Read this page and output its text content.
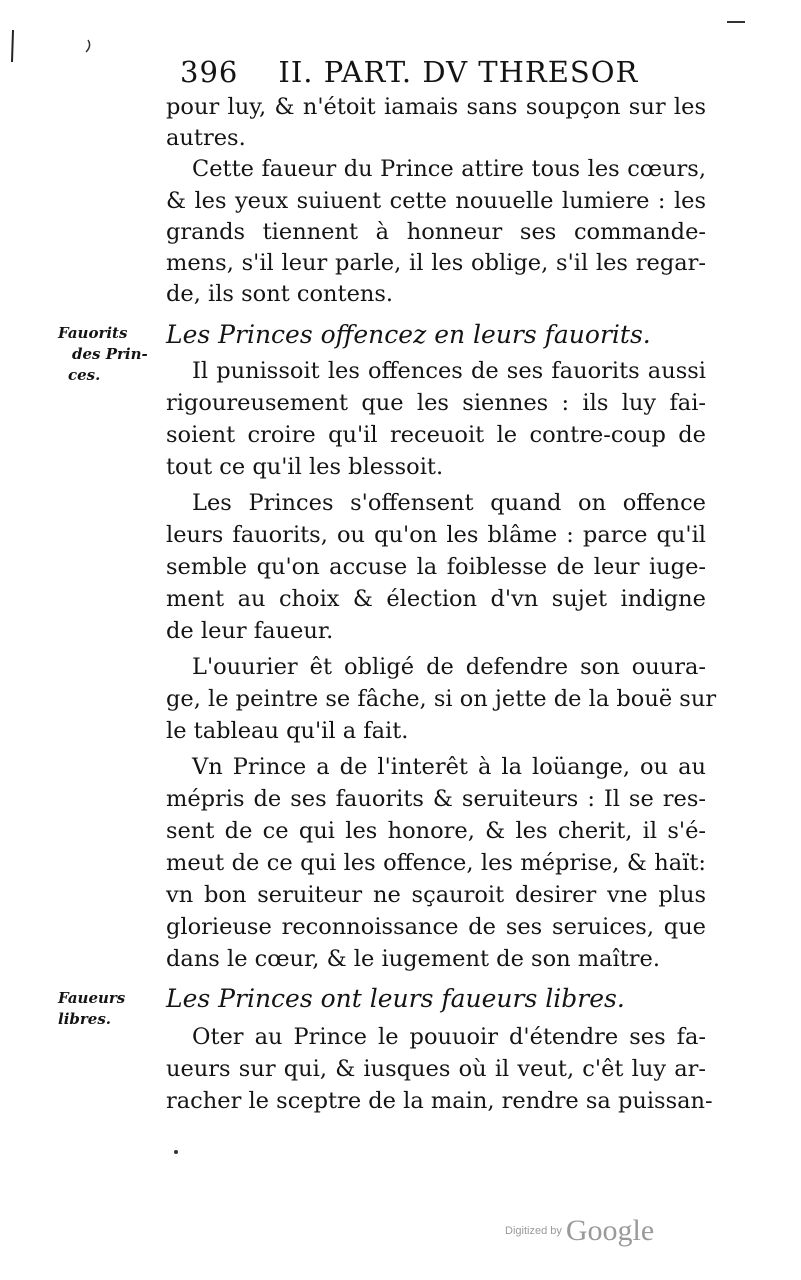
396 II. PART. DV THRESOR
pour luy, & n'étoit iamais sans soupçon sur les
autres.
Cette faueur du Prince attire tous les cœurs,
& les yeux suiuent cette nouuelle lumiere : les
grands tiennent à honneur ses commande-
mens, s'il leur parle, il les oblige, s'il les regar-
de, ils sont contens.
Les Princes offencez en leurs fauorits.
Il punissoit les offences de ses fauorits aussi
rigoureusement que les siennes : ils luy fai-
soient croire qu'il receuoit le contre-coup de
tout ce qu'il les blessoit.
Les Princes s'offensent quand on offence
leurs fauorits, ou qu'on les blâme : parce qu'il
semble qu'on accuse la foiblesse de leur iuge-
ment au choix & élection d'vn sujet indigne
de leur faueur.
L'ouurier êt obligé de defendre son ouura-
ge, le peintre se fâche, si on jette de la bouë sur
le tableau qu'il a fait.
Vn Prince a de l'interêt à la loüange, ou au
mépris de ses fauorits & seruiteurs : Il se res-
sent de ce qui les honore, & les cherit, il s'é-
meut de ce qui les offence, les méprise, & haït:
vn bon seruiteur ne sçauroit desirer vne plus
glorieuse reconnoissance de ses seruices, que
dans le cœur, & le iugement de son maître.
Les Princes ont leurs faueurs libres.
Oter au Prince le pouuoir d'étendre ses fa-
ueurs sur qui, & iusques où il veut, c'êt luy ar-
racher le sceptre de la main, rendre sa puissan-
Fauorits
des Prin-
ces.
Faueurs
libres.
Digitized by Google
